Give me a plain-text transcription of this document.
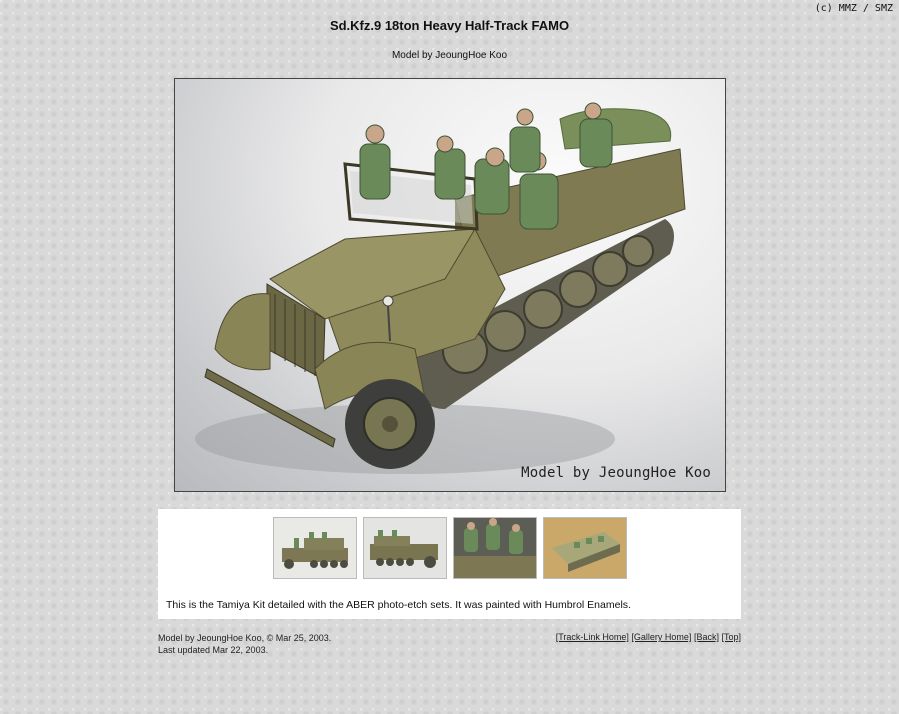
(c) MMZ / SMZ
Sd.Kfz.9 18ton Heavy Half-Track FAMO
Model by JeoungHoe Koo
Model by JeoungHoe Koo
This is the Tamiya Kit detailed with the ABER photo-etch sets. It was painted with Humbrol Enamels.
Model by JeoungHoe Koo, © Mar 25, 2003.
Last updated Mar 22, 2003.
[Track-Link Home] [Gallery Home] [Back] [Top]
